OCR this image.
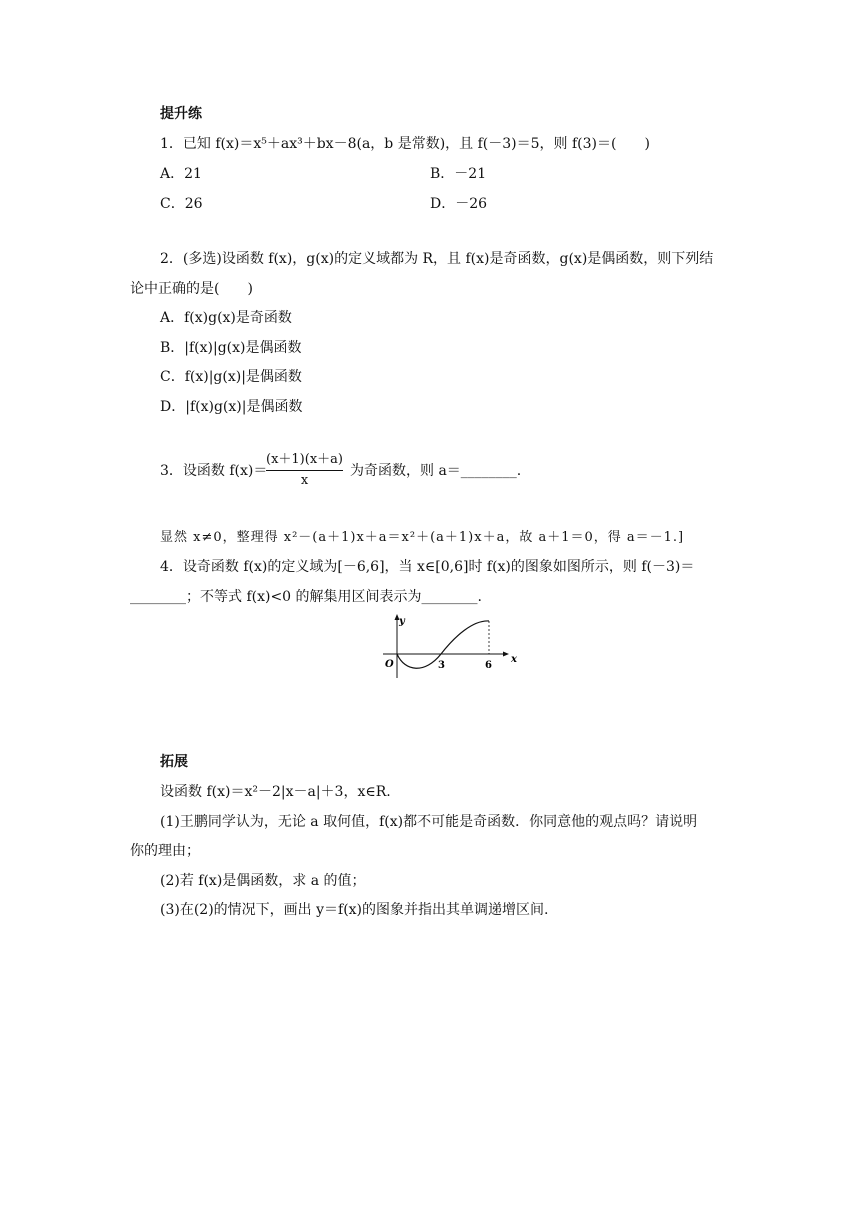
提升练
1．已知 f(x)＝x⁵＋ax³＋bx－8(a，b 是常数)，且 f(－3)＝5，则 f(3)＝(　　)
A．21	B．－21
C．26	D．－26
2．(多选)设函数 f(x)，g(x)的定义域都为 R，且 f(x)是奇函数，g(x)是偶函数，则下列结
论中正确的是(　　)
A．f(x)g(x)是奇函数
B．|f(x)|g(x)是偶函数
C．f(x)|g(x)|是偶函数
D．|f(x)g(x)|是偶函数
3．设函数 f(x)＝
(x＋1)(x＋a)
x
为奇函数，则 a＝________.
显然 x≠0，整理得 x²－(a＋1)x＋a＝x²＋(a＋1)x＋a，故 a＋1＝0，得 a＝－1.]
4．设奇函数 f(x)的定义域为[－6,6]，当 x∈[0,6]时 f(x)的图象如图所示，则 f(－3)＝
________；不等式 f(x)<0 的解集用区间表示为________.
y
x
O	3	6
拓展
设函数 f(x)＝x²－2|x－a|＋3，x∈R.
(1)王鹏同学认为，无论 a 取何值，f(x)都不可能是奇函数．你同意他的观点吗？请说明
你的理由；
(2)若 f(x)是偶函数，求 a 的值；
(3)在(2)的情况下，画出 y＝f(x)的图象并指出其单调递增区间.
